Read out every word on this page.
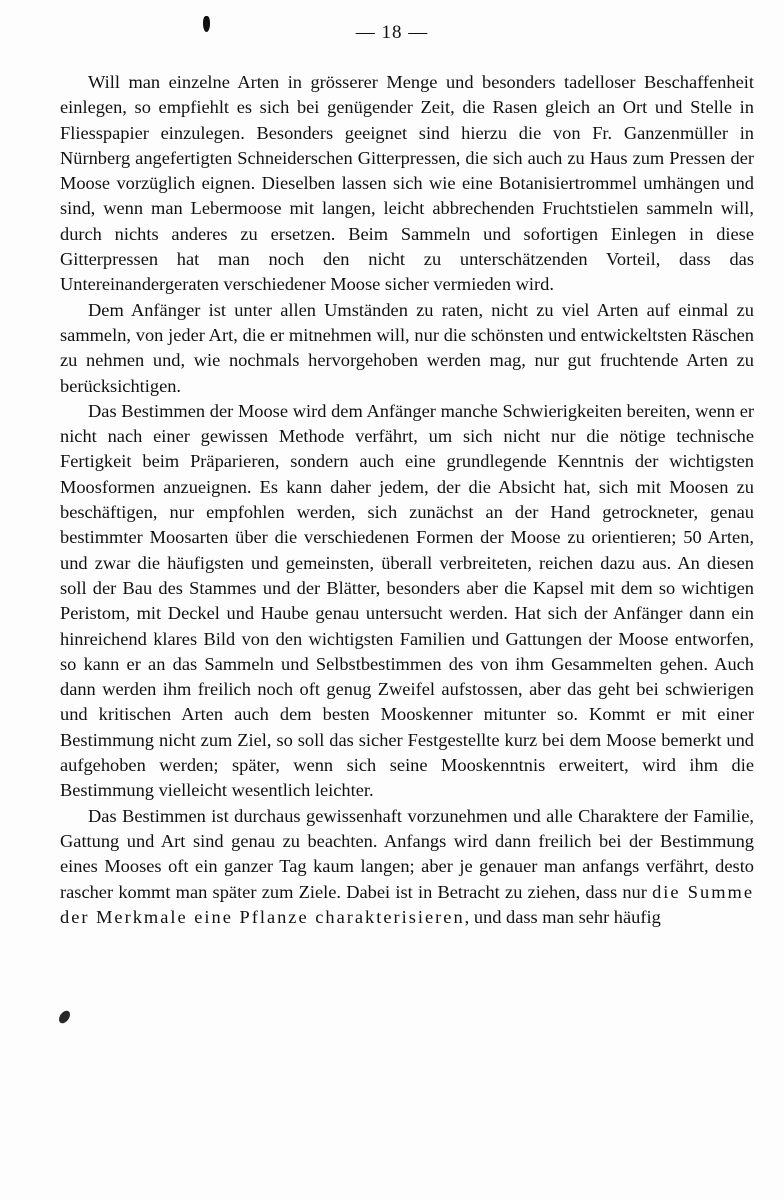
— 18 —

Will man einzelne Arten in grösserer Menge und besonders tadelloser Beschaffenheit einlegen, so empfiehlt es sich bei genügender Zeit, die Rasen gleich an Ort und Stelle in Fliesspapier einzulegen. Besonders geeignet sind hierzu die von Fr. Ganzenmüller in Nürnberg angefertigten Schneiderschen Gitterpressen, die sich auch zu Haus zum Pressen der Moose vorzüglich eignen. Dieselben lassen sich wie eine Botanisiertrommel umhängen und sind, wenn man Lebermoose mit langen, leicht abbrechenden Fruchtstielen sammeln will, durch nichts anderes zu ersetzen. Beim Sammeln und sofortigen Einlegen in diese Gitterpressen hat man noch den nicht zu unterschätzenden Vorteil, dass das Untereinandergeraten verschiedener Moose sicher vermieden wird.

Dem Anfänger ist unter allen Umständen zu raten, nicht zu viel Arten auf einmal zu sammeln, von jeder Art, die er mitnehmen will, nur die schönsten und entwickeltsten Räschen zu nehmen und, wie nochmals hervorgehoben werden mag, nur gut fruchtende Arten zu berücksichtigen.

Das Bestimmen der Moose wird dem Anfänger manche Schwierigkeiten bereiten, wenn er nicht nach einer gewissen Methode verfährt, um sich nicht nur die nötige technische Fertigkeit beim Präparieren, sondern auch eine grundlegende Kenntnis der wichtigsten Moosformen anzueignen. Es kann daher jedem, der die Absicht hat, sich mit Moosen zu beschäftigen, nur empfohlen werden, sich zunächst an der Hand getrockneter, genau bestimmter Moosarten über die verschiedenen Formen der Moose zu orientieren; 50 Arten, und zwar die häufigsten und gemeinsten, überall verbreiteten, reichen dazu aus. An diesen soll der Bau des Stammes und der Blätter, besonders aber die Kapsel mit dem so wichtigen Peristom, mit Deckel und Haube genau untersucht werden. Hat sich der Anfänger dann ein hinreichend klares Bild von den wichtigsten Familien und Gattungen der Moose entworfen, so kann er an das Sammeln und Selbstbestimmen des von ihm Gesammelten gehen. Auch dann werden ihm freilich noch oft genug Zweifel aufstossen, aber das geht bei schwierigen und kritischen Arten auch dem besten Mooskenner mitunter so. Kommt er mit einer Bestimmung nicht zum Ziel, so soll das sicher Festgestellte kurz bei dem Moose bemerkt und aufgehoben werden; später, wenn sich seine Mooskenntnis erweitert, wird ihm die Bestimmung vielleicht wesentlich leichter.

Das Bestimmen ist durchaus gewissenhaft vorzunehmen und alle Charaktere der Familie, Gattung und Art sind genau zu beachten. Anfangs wird dann freilich bei der Bestimmung eines Mooses oft ein ganzer Tag kaum langen; aber je genauer man anfangs verfährt, desto rascher kommt man später zum Ziele. Dabei ist in Betracht zu ziehen, dass nur die Summe der Merkmale eine Pflanze charakterisieren, und dass man sehr häufig
